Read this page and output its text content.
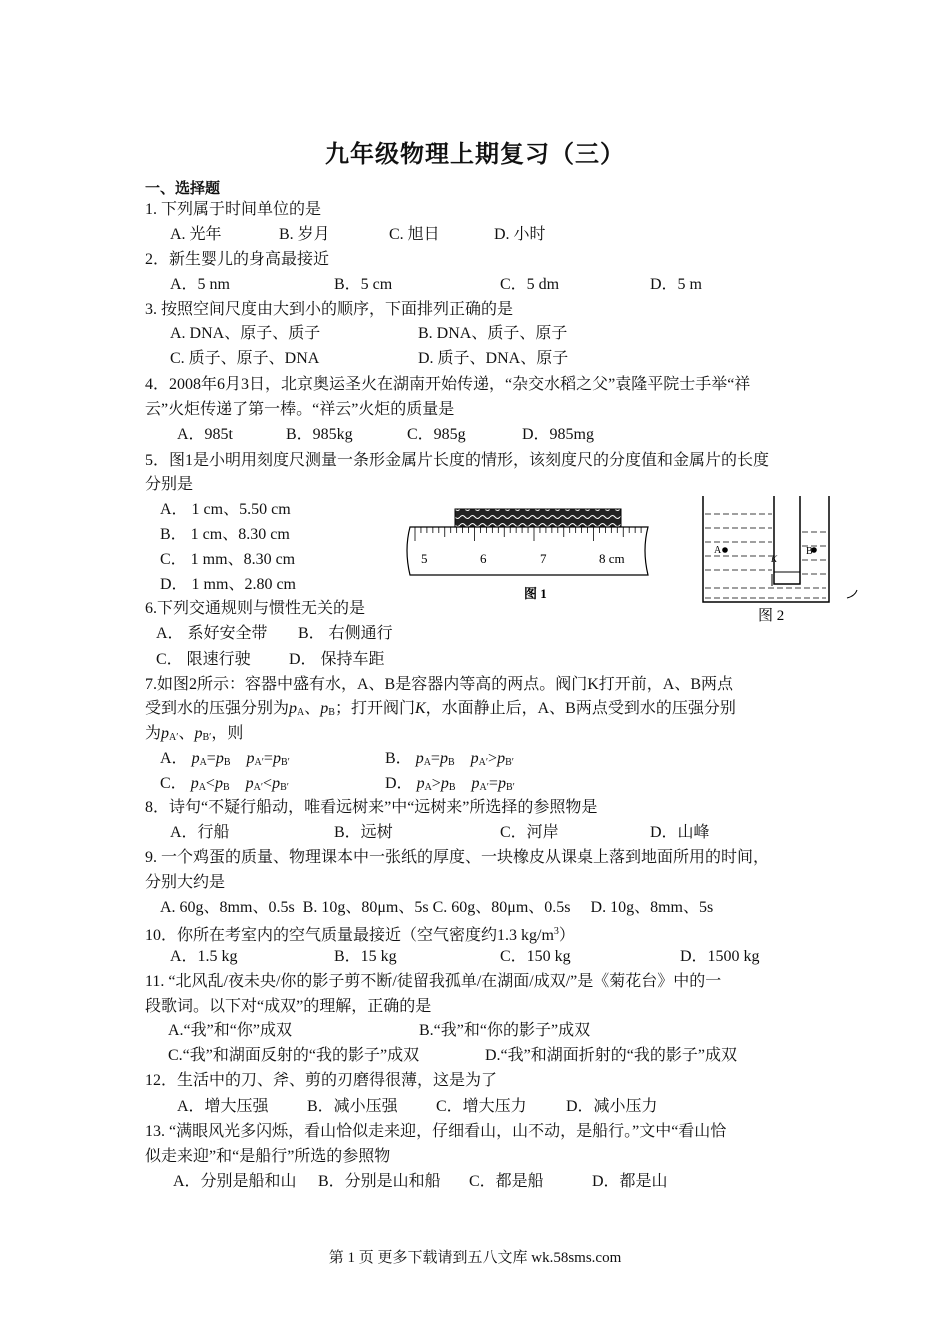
九年级物理上期复习（三）
一、选择题
1. 下列属于时间单位的是
A. 光年	B. 岁月	C. 旭日	D. 小时
2．新生婴儿的身高最接近
A．5 nm	B．5 cm	C．5 dm	D．5 m
3. 按照空间尺度由大到小的顺序，下面排列正确的是
A. DNA、原子、质子	B. DNA、质子、原子
C. 质子、原子、DNA	D. 质子、DNA、原子
4．2008年6月3日，北京奥运圣火在湖南开始传递，“杂交水稻之父”袁隆平院士手举“祥
云”火炬传递了第一棒。“祥云”火炬的质量是
A．985t	B．985kg	C．985g	D．985mg
5．图1是小明用刻度尺测量一条形金属片长度的情形，该刻度尺的分度值和金属片的长度
分别是
A． 1 cm、5.50 cm
B． 1 cm、8.30 cm
C． 1 mm、8.30 cm
D． 1 mm、2.80 cm
5	6	7	8 cm
图 1
A	B
K
图 2
6.下列交通规则与惯性无关的是
A． 系好安全带 B． 右侧通行
C． 限速行驶 D． 保持车距
7.如图2所示：容器中盛有水，A、B是容器内等高的两点。阀门K打开前，A、B两点
受到水的压强分别为$p_A$、$p_B$；打开阀门K，水面静止后，A、B两点受到水的压强分别
为$p_{A'}$、$p_{B'}$，则
A． $p_A=p_B$ $p_{A'}=p_{B'}$	B． $p_A=p_B$ $p_{A'}>p_{B'}$
C． $p_A<p_B$ $p_{A'}<p_{B'}$	D． $p_A>p_B$ $p_{A'}=p_{B'}$
8．诗句“不疑行船动，唯看远树来”中“远树来”所选择的参照物是
A．行船	B．远树	C．河岸	D．山峰
9. 一个鸡蛋的质量、物理课本中一张纸的厚度、一块橡皮从课桌上落到地面所用的时间，
分别大约是
A. 60g、8mm、0.5s  B. 10g、80μm、5s C. 60g、80μm、0.5s     D. 10g、8mm、5s
10．你所在考室内的空气质量最接近（空气密度约1.3 $kg/m^3$）
A．1.5 kg	B．15 kg	C．150 kg	D．1500 kg
11. “北风乱/夜未央/你的影子剪不断/徒留我孤单/在湖面/成双/”是《菊花台》中的一
段歌词。以下对“成双”的理解，正确的是
A.“我”和“你”成双	B.“我”和“你的影子”成双
C.“我”和湖面反射的“我的影子”成双	D.“我”和湖面折射的“我的影子”成双
12．生活中的刀、斧、剪的刃磨得很薄，这是为了
A．增大压强 B．减小压强 C．增大压力 D．减小压力
13. “满眼风光多闪烁，看山恰似走来迎，仔细看山，山不动，是船行。”文中“看山恰
似走来迎”和“是船行”所选的参照物
A．分别是船和山 B．分别是山和船 C．都是船	D．都是山
第 1 页 更多下载请到五八文库 wk.58sms.com
